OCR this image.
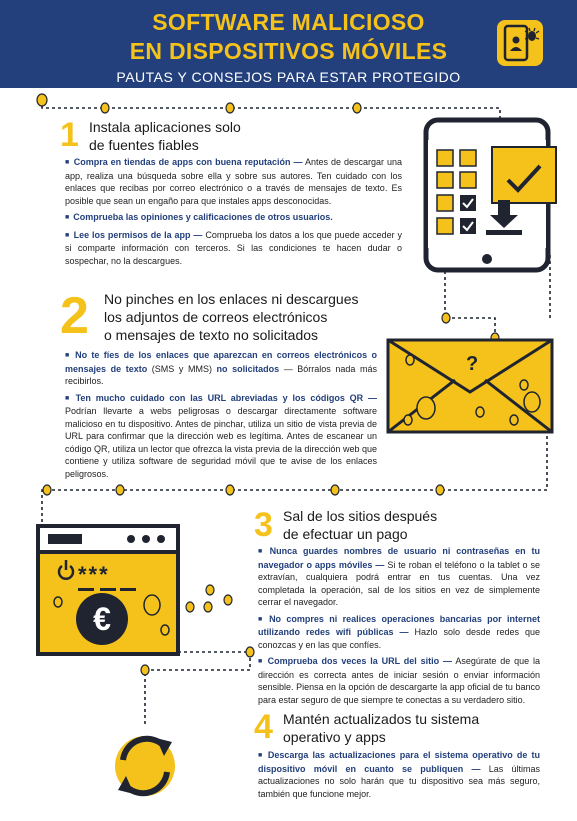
SOFTWARE MALICIOSO
EN DISPOSITIVOS MÓVILES
PAUTAS Y CONSEJOS PARA ESTAR PROTEGIDO
?
***
€
1 Instala aplicaciones solo
de fuentes fiables

■ Compra en tiendas de apps con buena reputación — Antes de descargar una app, realiza una búsqueda sobre ella y sobre sus autores. Ten cuidado con los enlaces que recibas por correo electrónico o a través de mensajes de texto. Es posible que sean un engaño para que instales apps desconocidas.

■ Comprueba las opiniones y calificaciones de otros usuarios.

■ Lee los permisos de la app — Comprueba los datos a los que puede acceder y si comparte información con terceros. Si las condiciones te hacen dudar o sospechar, no la descargues.

2 No pinches en los enlaces ni descargues
los adjuntos de correos electrónicos
o mensajes de texto no solicitados

■ No te fíes de los enlaces que aparezcan en correos electrónicos o mensajes de texto (SMS y MMS) no solicitados — Bórralos nada más recibirlos.

■ Ten mucho cuidado con las URL abreviadas y los códigos QR — Podrían llevarte a webs peligrosas o descargar directamente software malicioso en tu dispositivo. Antes de pinchar, utiliza un sitio de vista previa de URL para confirmar que la dirección web es legítima. Antes de escanear un código QR, utiliza un lector que ofrezca la vista previa de la dirección web que contiene y utiliza software de seguridad móvil que te avise de los enlaces peligrosos.

3 Sal de los sitios después
de efectuar un pago

■ Nunca guardes nombres de usuario ni contraseñas en tu navegador o apps móviles — Si te roban el teléfono o la tablet o se extravían, cualquiera podrá entrar en tus cuentas. Una vez completada la operación, sal de los sitios en vez de simplemente cerrar el navegador.

■ No compres ni realices operaciones bancarias por internet utilizando redes wifi públicas — Hazlo solo desde redes que conozcas y en las que confíes.

■ Comprueba dos veces la URL del sitio — Asegúrate de que la dirección es correcta antes de iniciar sesión o enviar información sensible. Piensa en la opción de descargarte la app oficial de tu banco para estar seguro de que siempre te conectas a su verdadero sitio.

4 Mantén actualizados tu sistema
operativo y apps

■ Descarga las actualizaciones para el sistema operativo de tu dispositivo móvil en cuanto se publiquen — Las últimas actualizaciones no solo harán que tu dispositivo sea más seguro, también que funcione mejor.
